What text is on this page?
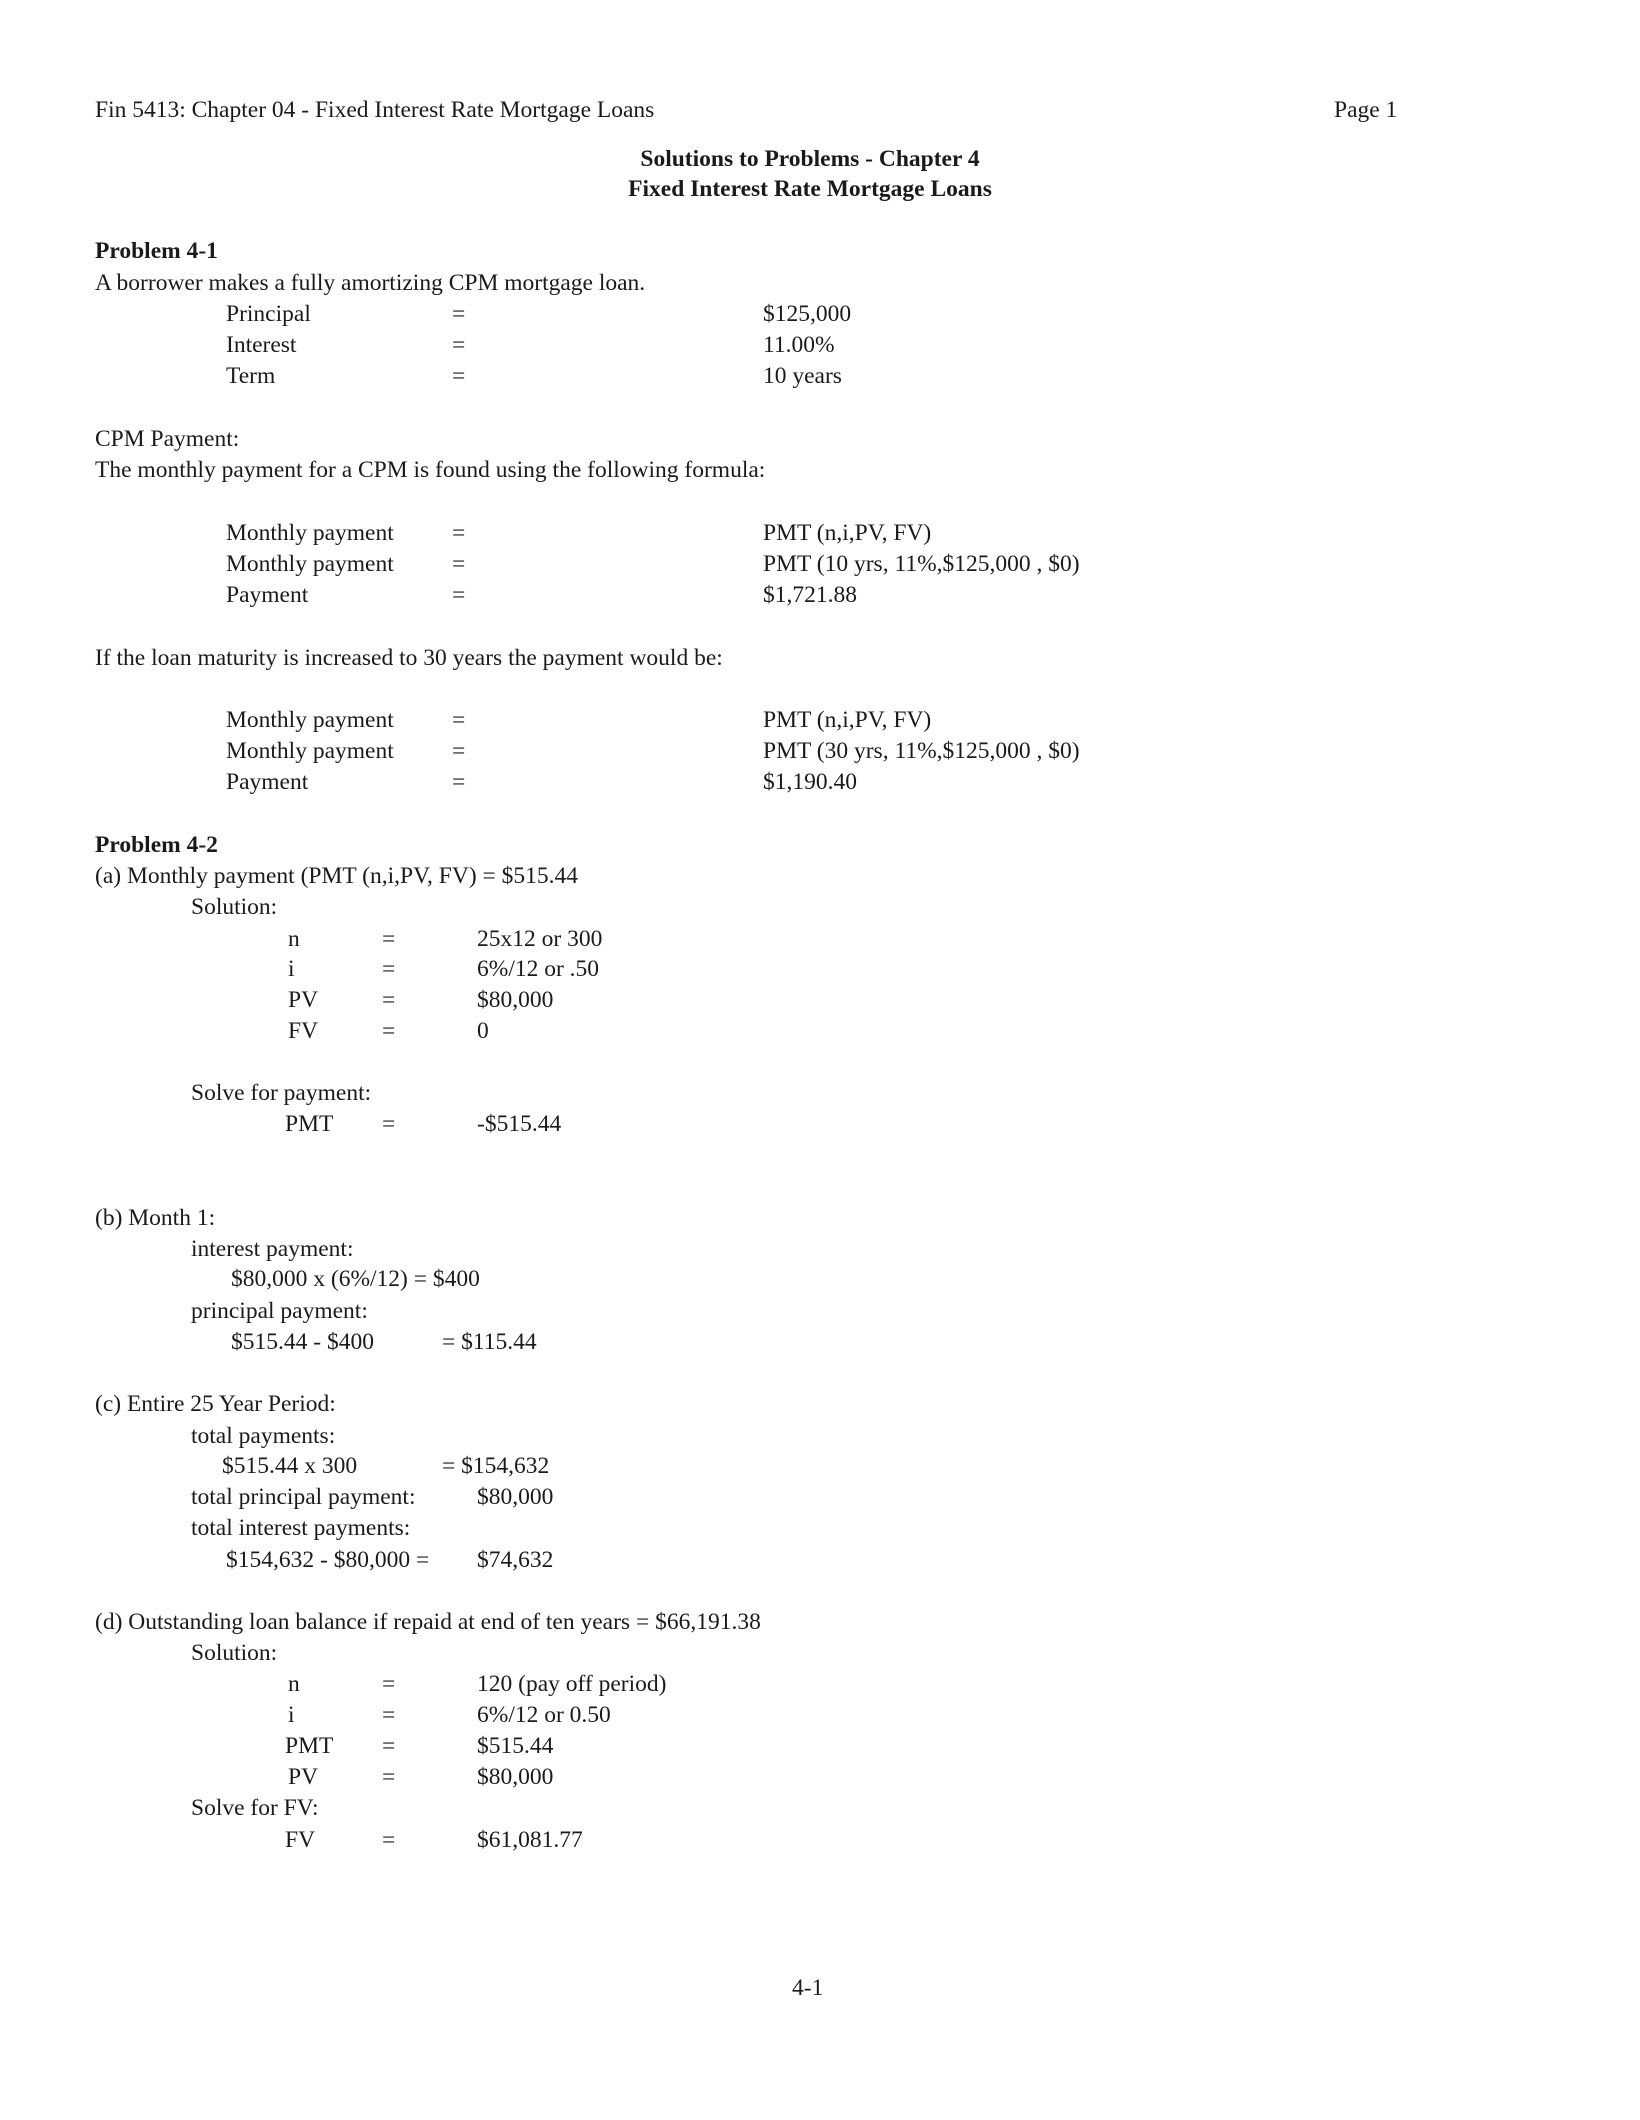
Fin 5413: Chapter 04 - Fixed Interest Rate Mortgage Loans	Page 1
Solutions to Problems - Chapter 4
Fixed Interest Rate Mortgage Loans
Problem 4-1
A borrower makes a fully amortizing CPM mortgage loan.
Principal	=	$125,000
Interest	=	11.00%
Term	=	10 years
CPM Payment:
The monthly payment for a CPM is found using the following formula:
Monthly payment =	PMT (n,i,PV, FV)
Monthly payment =	PMT (10 yrs, 11%,$125,000 , $0)
Payment	=	$1,721.88
If the loan maturity is increased to 30 years the payment would be:
Monthly payment =	PMT (n,i,PV, FV)
Monthly payment =	PMT (30 yrs, 11%,$125,000 , $0)
Payment	=	$1,190.40
Problem 4-2
(a) Monthly payment (PMT (n,i,PV, FV) = $515.44
Solution:
n	=	25x12 or 300
i	=	6%/12 or .50
PV	=	$80,000
FV	=	0
Solve for payment:
PMT =	-$515.44
(b) Month 1:
interest payment:
$80,000 x (6%/12) = $400
principal payment:
$515.44 - $400	= $115.44
(c) Entire 25 Year Period:
total payments:
$515.44 x 300	= $154,632
total principal payment:	$80,000
total interest payments:
$154,632 - $80,000 = $74,632
(d) Outstanding loan balance if repaid at end of ten years = $66,191.38
Solution:
n	=	120 (pay off period)
i	=	6%/12 or 0.50
PMT =	$515.44
PV	=	$80,000
Solve for FV:
FV	=	$61,081.77
4-1
